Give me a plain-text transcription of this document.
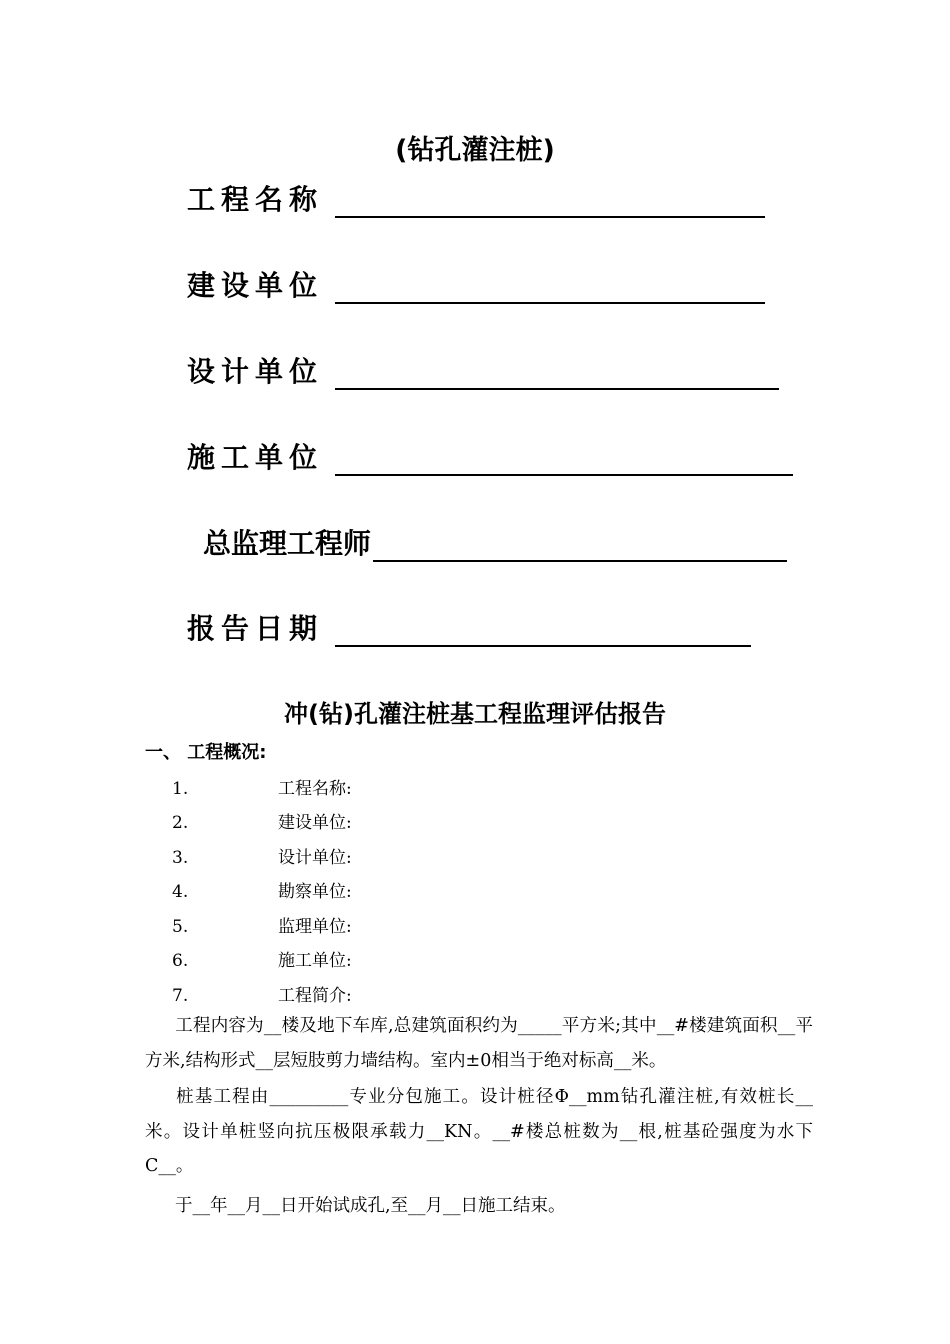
(钻孔灌注桩)
工程名称
建设单位
设计单位
施工单位
总监理工程师
报告日期
冲(钻)孔灌注桩基工程监理评估报告
一、 工程概况:
1.	工程名称:
2.	建设单位:
3.	设计单位:
4.	勘察单位:
5.	监理单位:
6.	施工单位:
7.	工程简介:
工程内容为__楼及地下车库,总建筑面积约为_____平方米;其中__#楼建筑面积__平方米,结构形式__层短肢剪力墙结构。室内±0相当于绝对标高__米。
桩基工程由_________专业分包施工。设计桩径Φ__mm钻孔灌注桩,有效桩长__米。设计单桩竖向抗压极限承载力__KN。__#楼总桩数为__根,桩基砼强度为水下C__。
于__年__月__日开始试成孔,至__月__日施工结束。
